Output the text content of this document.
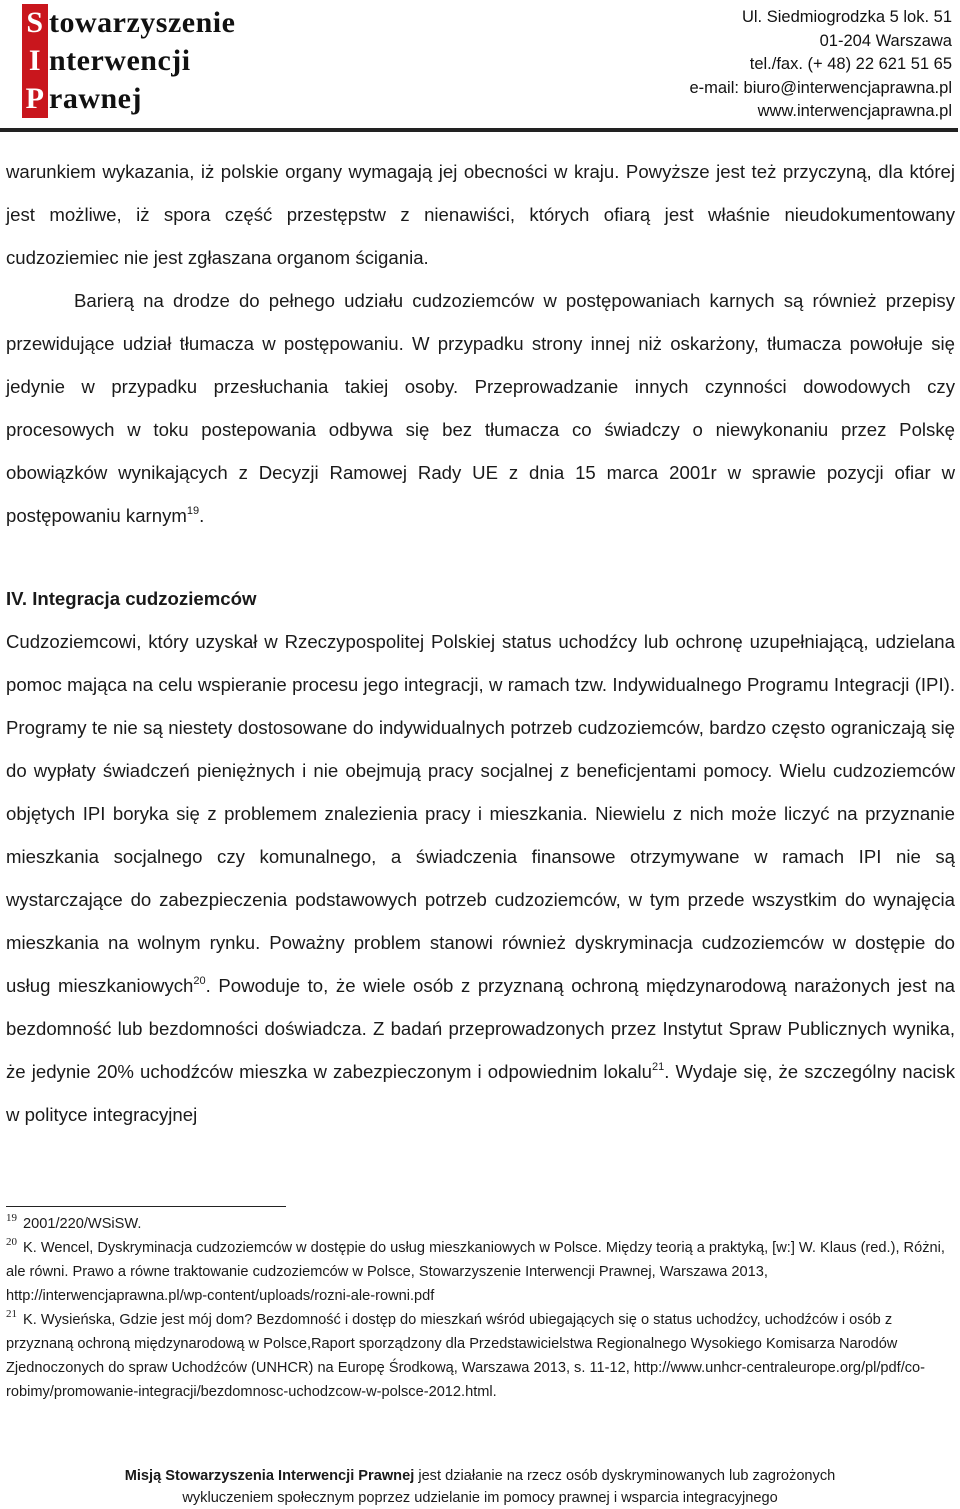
S towarzyszenie
I nterwencji
P rawnej
Ul. Siedmiogrodzka 5 lok. 51
01-204 Warszawa
tel./fax. (+ 48) 22 621 51 65
e-mail: biuro@interwencjaprawna.pl
www.interwencjaprawna.pl

warunkiem wykazania, iż polskie organy wymagają jej obecności w kraju. Powyższe jest też przyczyną, dla której jest możliwe, iż spora część przestępstw z nienawiści, których ofiarą jest właśnie nieudokumentowany cudzoziemiec nie jest zgłaszana organom ścigania.

Barierą na drodze do pełnego udziału cudzoziemców w postępowaniach karnych są również przepisy przewidujące udział tłumacza w postępowaniu. W przypadku strony innej niż oskarżony, tłumacza powołuje się jedynie w przypadku przesłuchania takiej osoby. Przeprowadzanie innych czynności dowodowych czy procesowych w toku postepowania odbywa się bez tłumacza co świadczy o niewykonaniu przez Polskę obowiązków wynikających z Decyzji Ramowej Rady UE z dnia 15 marca 2001r w sprawie pozycji ofiar w postępowaniu karnym$^{19}$.

IV. Integracja cudzoziemców

Cudzoziemcowi, który uzyskał w Rzeczypospolitej Polskiej status uchodźcy lub ochronę uzupełniającą, udzielana pomoc mająca na celu wspieranie procesu jego integracji, w ramach tzw. Indywidualnego Programu Integracji (IPI). Programy te nie są niestety dostosowane do indywidualnych potrzeb cudzoziemców, bardzo często ograniczają się do wypłaty świadczeń pieniężnych i nie obejmują pracy socjalnej z beneficjentami pomocy. Wielu cudzoziemców objętych IPI boryka się z problemem znalezienia pracy i mieszkania. Niewielu z nich może liczyć na przyznanie mieszkania socjalnego czy komunalnego, a świadczenia finansowe otrzymywane w ramach IPI nie są wystarczające do zabezpieczenia podstawowych potrzeb cudzoziemców, w tym przede wszystkim do wynajęcia mieszkania na wolnym rynku. Poważny problem stanowi również dyskryminacja cudzoziemców w dostępie do usług mieszkaniowych$^{20}$. Powoduje to, że wiele osób z przyznaną ochroną międzynarodową narażonych jest na bezdomność lub bezdomności doświadcza. Z badań przeprowadzonych przez Instytut Spraw Publicznych wynika, że jedynie 20% uchodźców mieszka w zabezpieczonym i odpowiednim lokalu$^{21}$. Wydaje się, że szczególny nacisk w polityce integracyjnej

$^{19}$ 2001/220/WSiSW.

$^{20}$ K. Wencel, Dyskryminacja cudzoziemców w dostępie do usług mieszkaniowych w Polsce. Między teorią a praktyką, [w:] W. Klaus (red.), Różni, ale równi. Prawo a równe traktowanie cudzoziemców w Polsce, Stowarzyszenie Interwencji Prawnej, Warszawa 2013, http://interwencjaprawna.pl/wp-content/uploads/rozni-ale-rowni.pdf

$^{21}$ K. Wysieńska, Gdzie jest mój dom? Bezdomność i dostęp do mieszkań wśród ubiegających się o status uchodźcy, uchodźców i osób z przyznaną ochroną międzynarodową w Polsce,Raport sporządzony dla Przedstawicielstwa Regionalnego Wysokiego Komisarza Narodów Zjednoczonych do spraw Uchodźców (UNHCR) na Europę Środkową, Warszawa 2013, s. 11-12, http://www.unhcr-centraleurope.org/pl/pdf/co-robimy/promowanie-integracji/bezdomnosc-uchodzcow-w-polsce-2012.html.

Misją Stowarzyszenia Interwencji Prawnej jest działanie na rzecz osób dyskryminowanych lub zagrożonych
wykluczeniem społecznym poprzez udzielanie im pomocy prawnej i wsparcia integracyjnego
